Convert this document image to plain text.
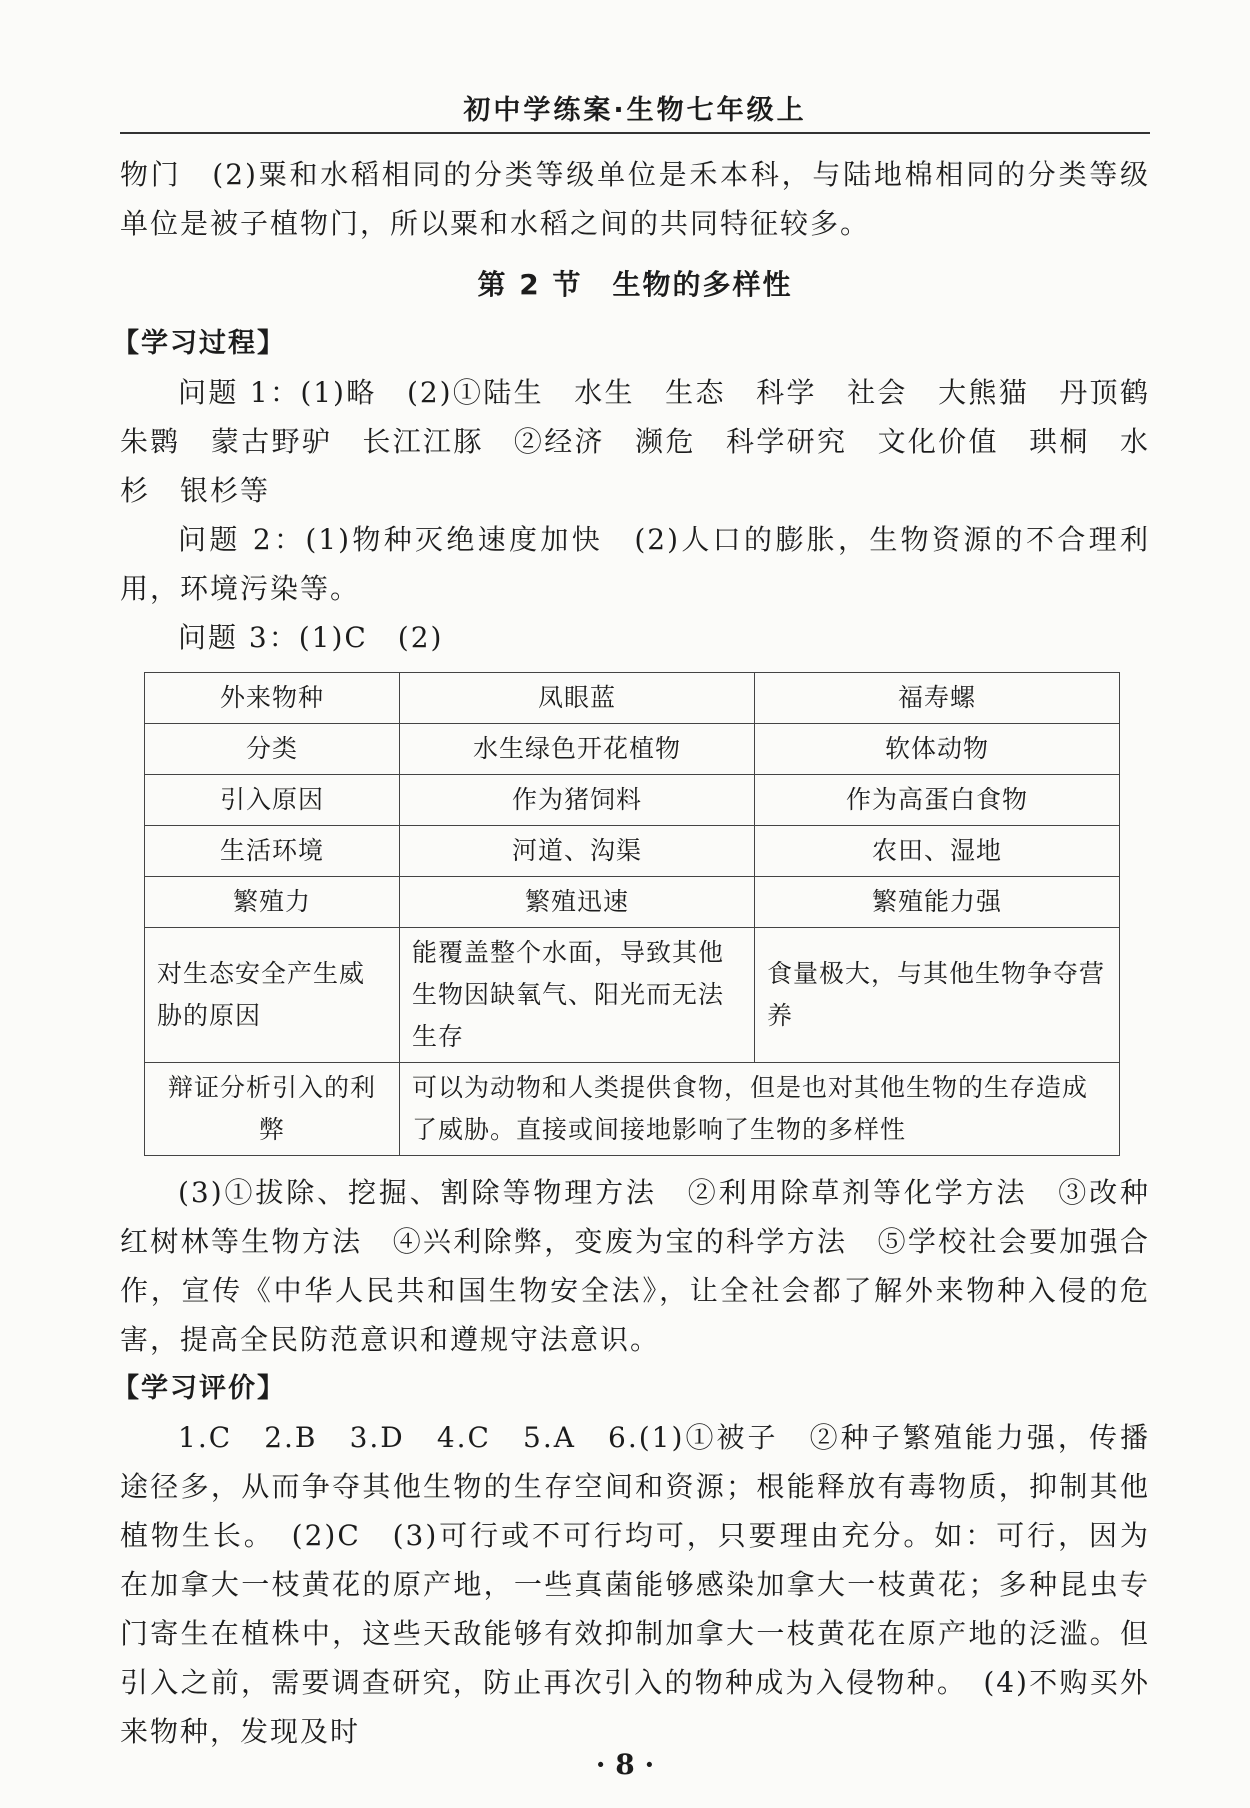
初中学练案·生物七年级上

物门　(2)粟和水稻相同的分类等级单位是禾本科，与陆地棉相同的分类等级单位是被子植物门，所以粟和水稻之间的共同特征较多。

第 2 节　生物的多样性
【学习过程】

问题 1：(1)略　(2)①陆生　水生　生态　科学　社会　大熊猫　丹顶鹤　朱鹮　蒙古野驴　长江江豚　②经济　濒危　科学研究　文化价值　珙桐　水杉　银杉等

问题 2：(1)物种灭绝速度加快　(2)人口的膨胀，生物资源的不合理利用，环境污染等。

问题 3：(1)C　(2)

外来物种	凤眼蓝	福寿螺
分类	水生绿色开花植物	软体动物
引入原因	作为猪饲料	作为高蛋白食物
生活环境	河道、沟渠	农田、湿地
繁殖力	繁殖迅速	繁殖能力强
对生态安全产生威胁的原因	能覆盖整个水面，导致其他生物因缺氧气、阳光而无法生存	食量极大，与其他生物争夺营养
辩证分析引入的利弊	可以为动物和人类提供食物，但是也对其他生物的生存造成了威胁。直接或间接地影响了生物的多样性	

(3)①拔除、挖掘、割除等物理方法　②利用除草剂等化学方法　③改种红树林等生物方法　④兴利除弊，变废为宝的科学方法　⑤学校社会要加强合作，宣传《中华人民共和国生物安全法》，让全社会都了解外来物种入侵的危害，提高全民防范意识和遵规守法意识。

【学习评价】

1.C　2.B　3.D　4.C　5.A　6.(1)①被子　②种子繁殖能力强，传播途径多，从而争夺其他生物的生存空间和资源；根能释放有毒物质，抑制其他植物生长。　(2)C　(3)可行或不可行均可，只要理由充分。如：可行，因为在加拿大一枝黄花的原产地，一些真菌能够感染加拿大一枝黄花；多种昆虫专门寄生在植株中，这些天敌能够有效抑制加拿大一枝黄花在原产地的泛滥。但引入之前，需要调查研究，防止再次引入的物种成为入侵物种。　(4)不购买外来物种，发现及时

· 8 ·
